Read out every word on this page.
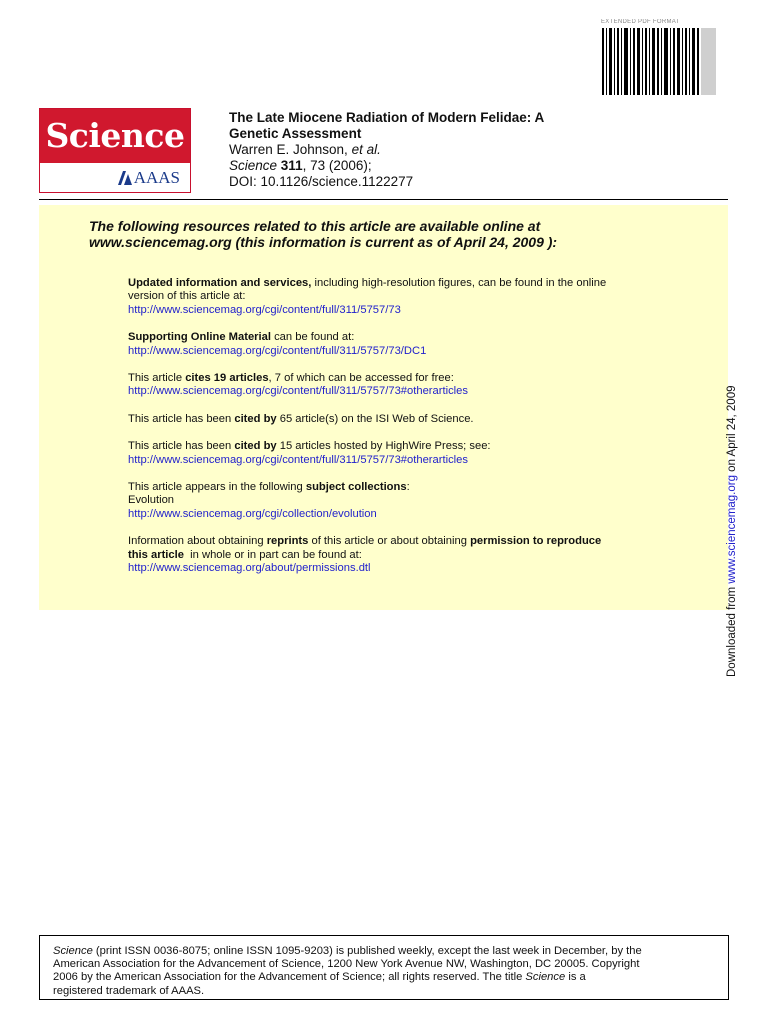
EXTENDED PDF FORMAT
Science
AAAS
The Late Miocene Radiation of Modern Felidae: A
Genetic Assessment
Warren E. Johnson, et al.
Science 311, 73 (2006);
DOI: 10.1126/science.1122277
The following resources related to this article are available online at
www.sciencemag.org (this information is current as of April 24, 2009 ):
Updated information and services, including high-resolution figures, can be found in the online
version of this article at:
http://www.sciencemag.org/cgi/content/full/311/5757/73
Supporting Online Material can be found at:
http://www.sciencemag.org/cgi/content/full/311/5757/73/DC1
This article cites 19 articles, 7 of which can be accessed for free:
http://www.sciencemag.org/cgi/content/full/311/5757/73#otherarticles
This article has been cited by 65 article(s) on the ISI Web of Science.
This article has been cited by 15 articles hosted by HighWire Press; see:
http://www.sciencemag.org/cgi/content/full/311/5757/73#otherarticles
This article appears in the following subject collections:
Evolution
http://www.sciencemag.org/cgi/collection/evolution
Information about obtaining reprints of this article or about obtaining permission to reproduce
this article  in whole or in part can be found at:
http://www.sciencemag.org/about/permissions.dtl
Downloaded from www.sciencemag.org on April 24, 2009
Science (print ISSN 0036-8075; online ISSN 1095-9203) is published weekly, except the last week in December, by the
American Association for the Advancement of Science, 1200 New York Avenue NW, Washington, DC 20005. Copyright
2006 by the American Association for the Advancement of Science; all rights reserved. The title Science is a
registered trademark of AAAS.
